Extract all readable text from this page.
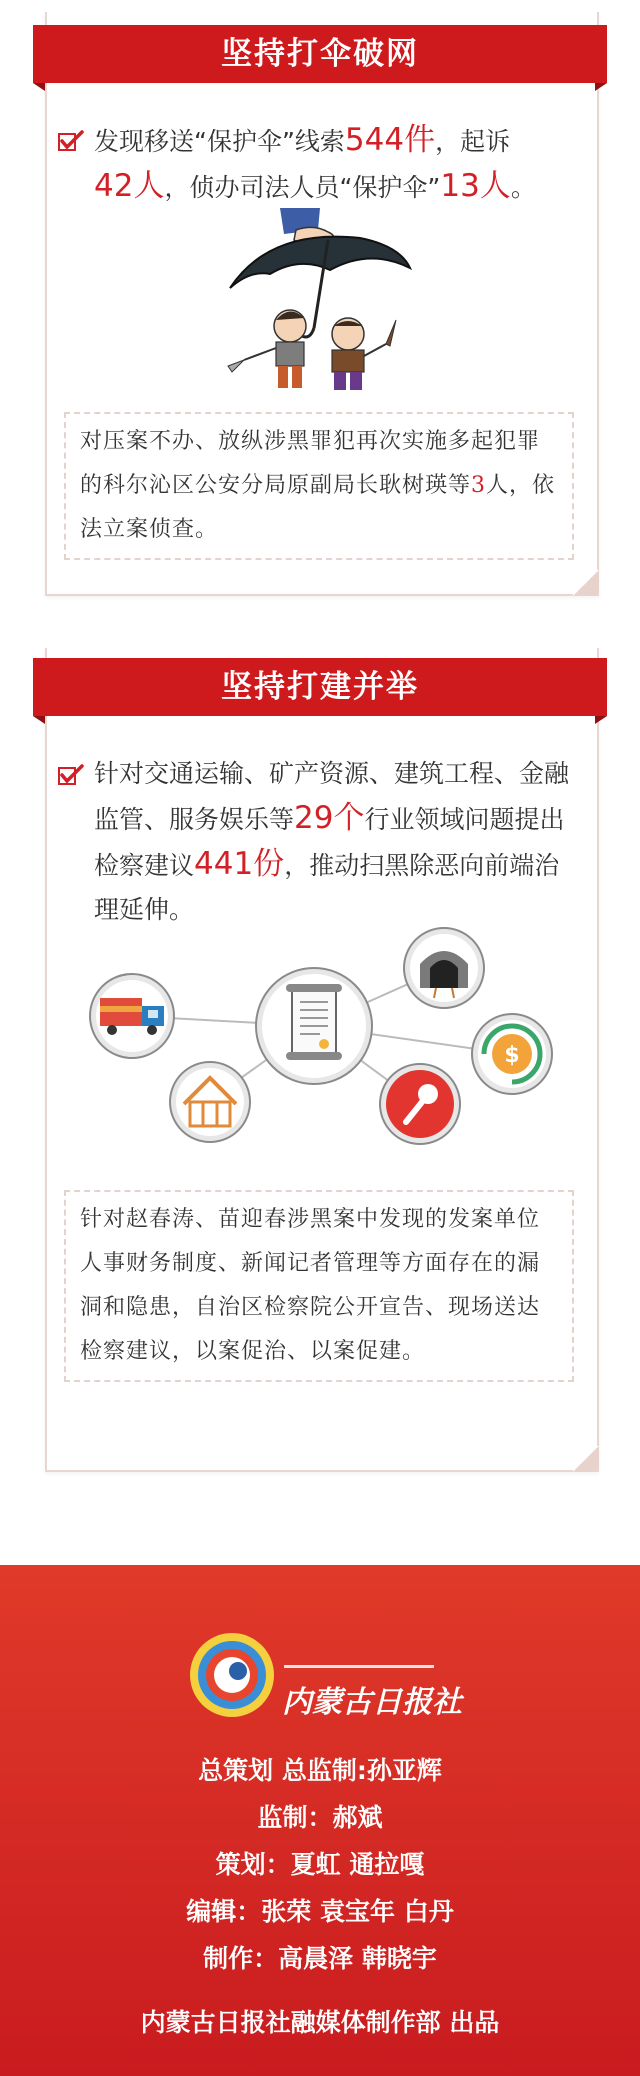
坚持打伞破网
发现移送“保护伞”线索544件，起诉
42人，侦办司法人员“保护伞”13人。
对压案不办、放纵涉黑罪犯再次实施多起犯罪的科尔沁区公安分局原副局长耿树瑛等3人，依法立案侦查。
坚持打建并举
针对交通运输、矿产资源、建筑工程、金融监管、服务娱乐等29个行业领域问题提出检察建议441份，推动扫黑除恶向前端治理延伸。
$
针对赵春涛、苗迎春涉黑案中发现的发案单位人事财务制度、新闻记者管理等方面存在的漏洞和隐患，自治区检察院公开宣告、现场送达检察建议，以案促治、以案促建。
内蒙古日报社
总策划 总监制:孙亚辉
监制：郝斌
策划：夏虹 通拉嘎
编辑：张荣 袁宝年 白丹
制作：高晨泽 韩晓宇
内蒙古日报社融媒体制作部 出品
